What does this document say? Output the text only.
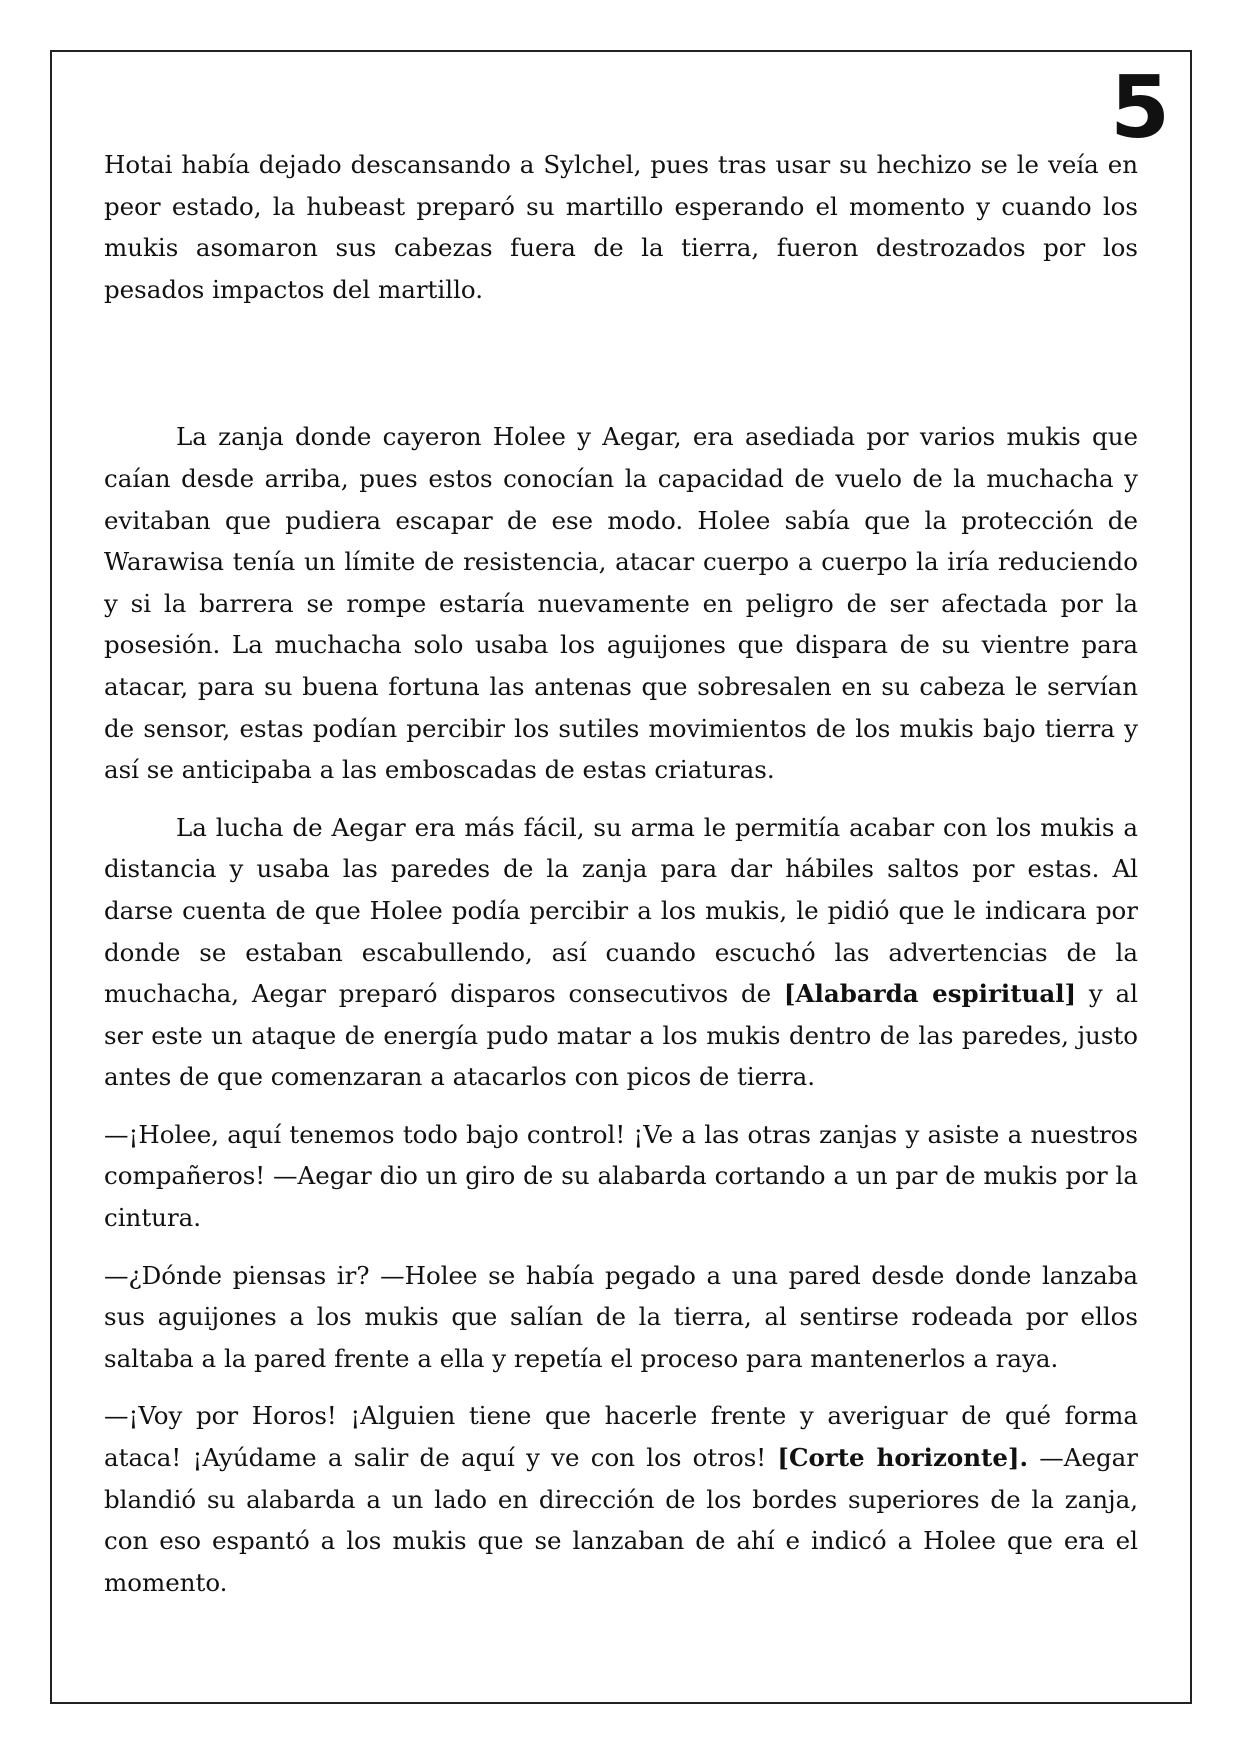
5

Hotai había dejado descansando a Sylchel, pues tras usar su hechizo se le veía en peor estado, la hubeast preparó su martillo esperando el momento y cuando los mukis asomaron sus cabezas fuera de la tierra, fueron destrozados por los pesados impactos del martillo.

La zanja donde cayeron Holee y Aegar, era asediada por varios mukis que caían desde arriba, pues estos conocían la capacidad de vuelo de la muchacha y evitaban que pudiera escapar de ese modo. Holee sabía que la protección de Warawisa tenía un límite de resistencia, atacar cuerpo a cuerpo la iría reduciendo y si la barrera se rompe estaría nuevamente en peligro de ser afectada por la posesión. La muchacha solo usaba los aguijones que dispara de su vientre para atacar, para su buena fortuna las antenas que sobresalen en su cabeza le servían de sensor, estas podían percibir los sutiles movimientos de los mukis bajo tierra y así se anticipaba a las emboscadas de estas criaturas.

La lucha de Aegar era más fácil, su arma le permitía acabar con los mukis a distancia y usaba las paredes de la zanja para dar hábiles saltos por estas. Al darse cuenta de que Holee podía percibir a los mukis, le pidió que le indicara por donde se estaban escabullendo, así cuando escuchó las advertencias de la muchacha, Aegar preparó disparos consecutivos de [Alabarda espiritual] y al ser este un ataque de energía pudo matar a los mukis dentro de las paredes, justo antes de que comenzaran a atacarlos con picos de tierra.

—¡Holee, aquí tenemos todo bajo control! ¡Ve a las otras zanjas y asiste a nuestros compañeros! —Aegar dio un giro de su alabarda cortando a un par de mukis por la cintura.

—¿Dónde piensas ir? —Holee se había pegado a una pared desde donde lanzaba sus aguijones a los mukis que salían de la tierra, al sentirse rodeada por ellos saltaba a la pared frente a ella y repetía el proceso para mantenerlos a raya.

—¡Voy por Horos! ¡Alguien tiene que hacerle frente y averiguar de qué forma ataca! ¡Ayúdame a salir de aquí y ve con los otros! [Corte horizonte]. —Aegar blandió su alabarda a un lado en dirección de los bordes superiores de la zanja, con eso espantó a los mukis que se lanzaban de ahí e indicó a Holee que era el momento.
